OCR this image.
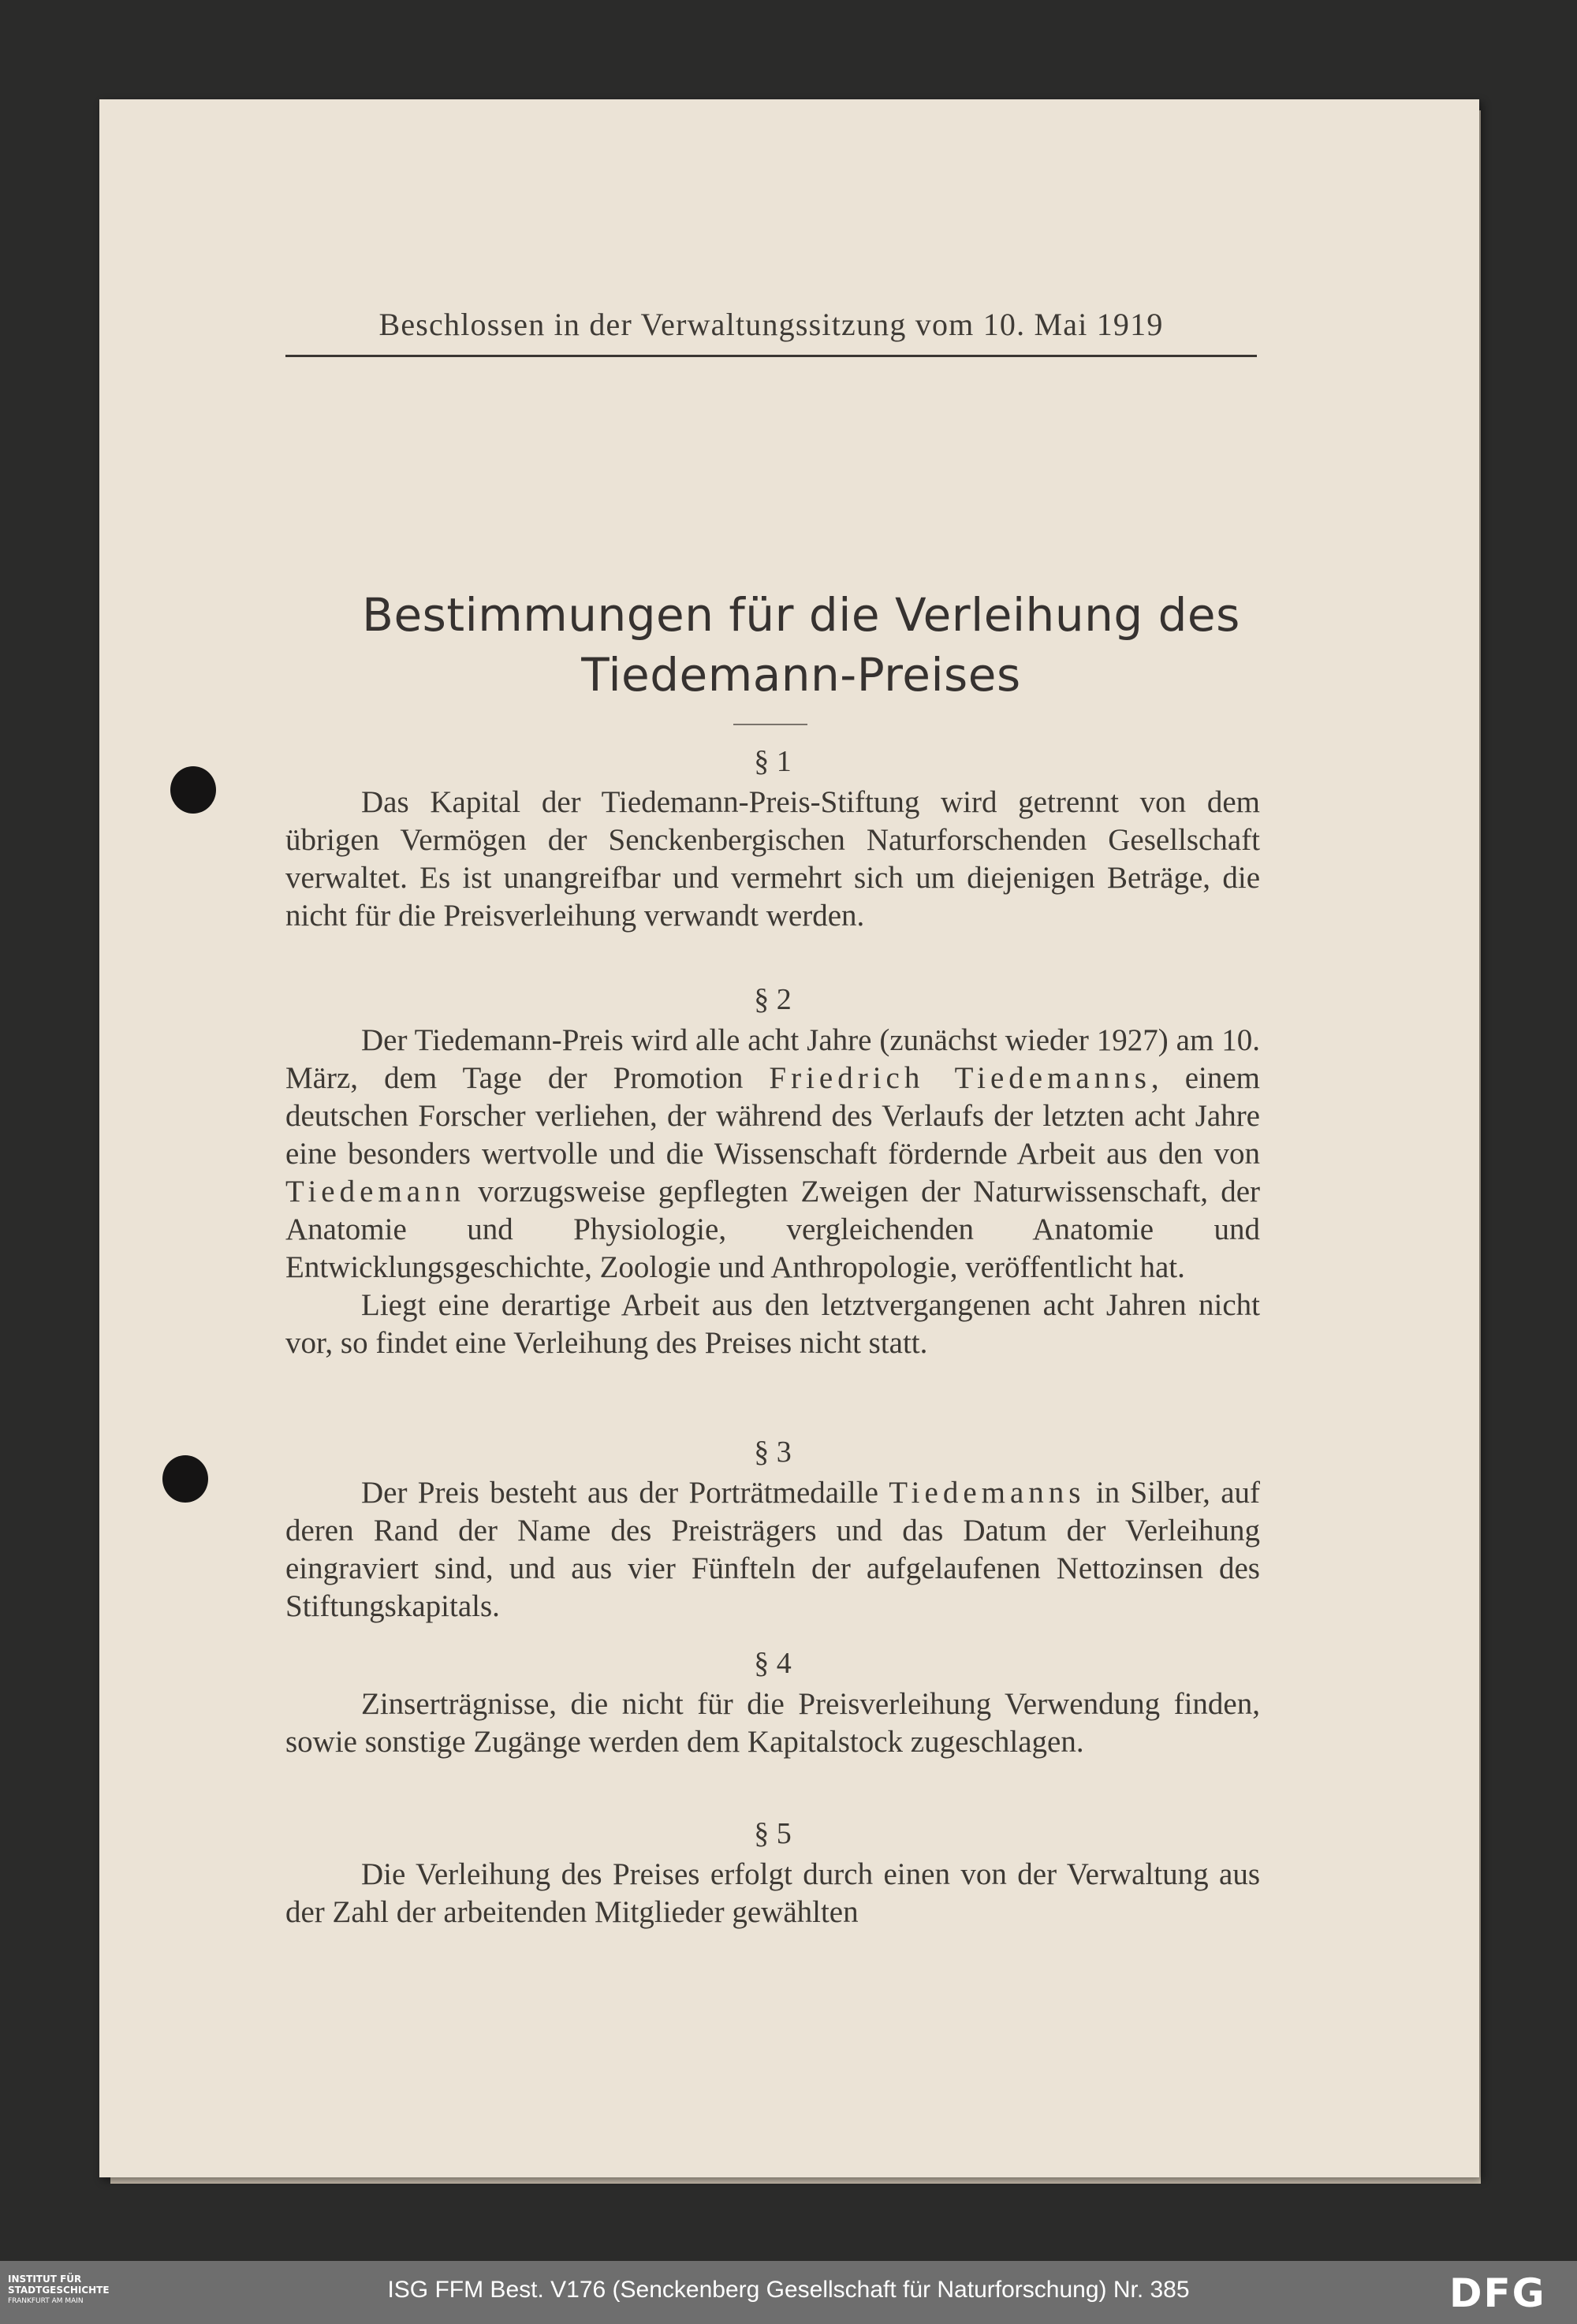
Beschlossen in der Verwaltungssitzung vom 10. Mai 1919
Bestimmungen für die Verleihung des
Tiedemann-Preises
§ 1

Das Kapital der Tiedemann-Preis-Stiftung wird getrennt von dem übrigen Vermögen der Senckenbergischen Naturforschenden Gesellschaft verwaltet. Es ist unangreifbar und vermehrt sich um diejenigen Beträge, die nicht für die Preisverleihung verwandt werden.

§ 2

Der Tiedemann-Preis wird alle acht Jahre (zunächst wieder 1927) am 10. März, dem Tage der Promotion Friedrich Tiedemanns, einem deutschen Forscher verliehen, der während des Verlaufs der letzten acht Jahre eine besonders wertvolle und die Wissenschaft fördernde Arbeit aus den von Tiedemann vorzugsweise gepflegten Zweigen der Naturwissenschaft, der Anatomie und Physiologie, vergleichenden Anatomie und Entwicklungsgeschichte, Zoologie und Anthropologie, veröffentlicht hat.

Liegt eine derartige Arbeit aus den letztvergangenen acht Jahren nicht vor, so findet eine Verleihung des Preises nicht statt.

§ 3

Der Preis besteht aus der Porträtmedaille Tiedemanns in Silber, auf deren Rand der Name des Preisträgers und das Datum der Verleihung eingraviert sind, und aus vier Fünfteln der aufgelaufenen Nettozinsen des Stiftungskapitals.

§ 4

Zinserträgnisse, die nicht für die Preisverleihung Verwendung finden, sowie sonstige Zugänge werden dem Kapitalstock zugeschlagen.

§ 5

Die Verleihung des Preises erfolgt durch einen von der Verwaltung aus der Zahl der arbeitenden Mitglieder gewählten

INSTITUT FÜR
STADTGESCHICHTE
FRANKFURT AM MAIN	ISG FFM Best. V176 (Senckenberg Gesellschaft für Naturforschung) Nr. 385	DFG
